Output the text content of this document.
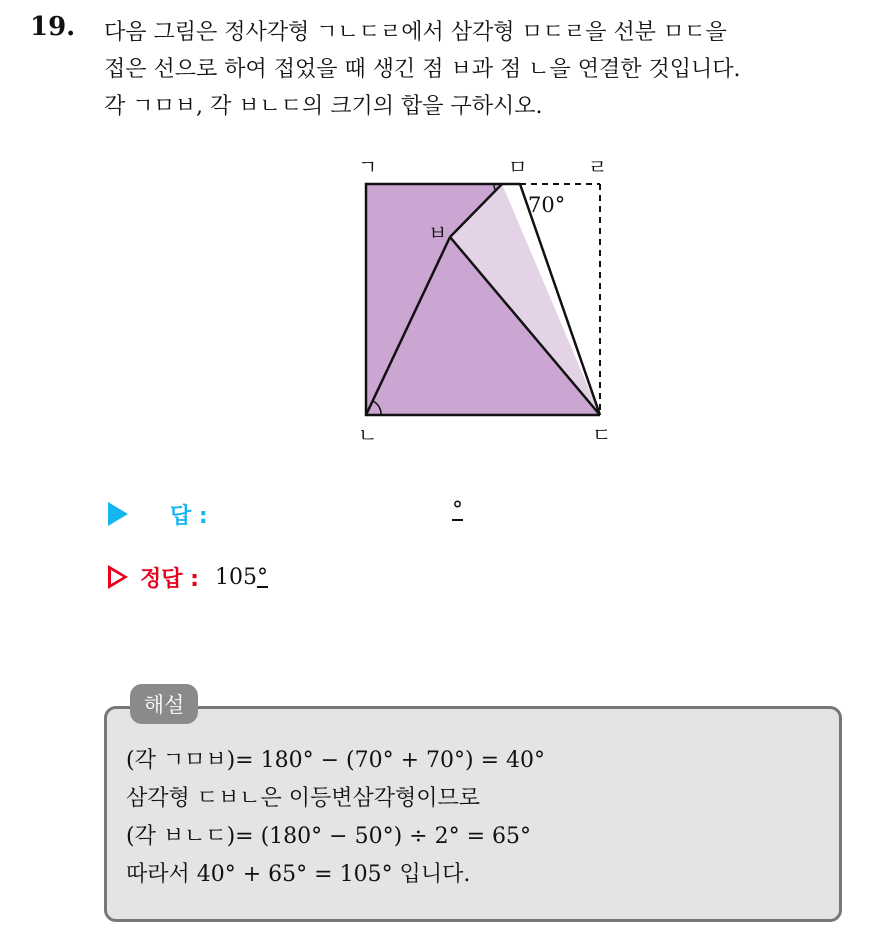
19. 다음 그림은 정사각형 ㄱㄴㄷㄹ에서 삼각형 ㅁㄷㄹ을 선분 ㅁㄷ을
접은 선으로 하여 접었을 때 생긴 점 ㅂ과 점 ㄴ을 연결한 것입니다.
각 ㄱㅁㅂ, 각 ㅂㄴㄷ의 크기의 합을 구하시오.
ㄱ
ㄴ	ㄷ
ㄹ
ㅁ
ㅂ
70°
답 :	°
정답 : 105°
해설
(각 ㄱㅁㅂ)= 180° − (70° + 70°) = 40°
삼각형 ㄷㅂㄴ은 이등변삼각형이므로
(각 ㅂㄴㄷ)= (180° − 50°) ÷ 2° = 65°
따라서 40° + 65° = 105° 입니다.
